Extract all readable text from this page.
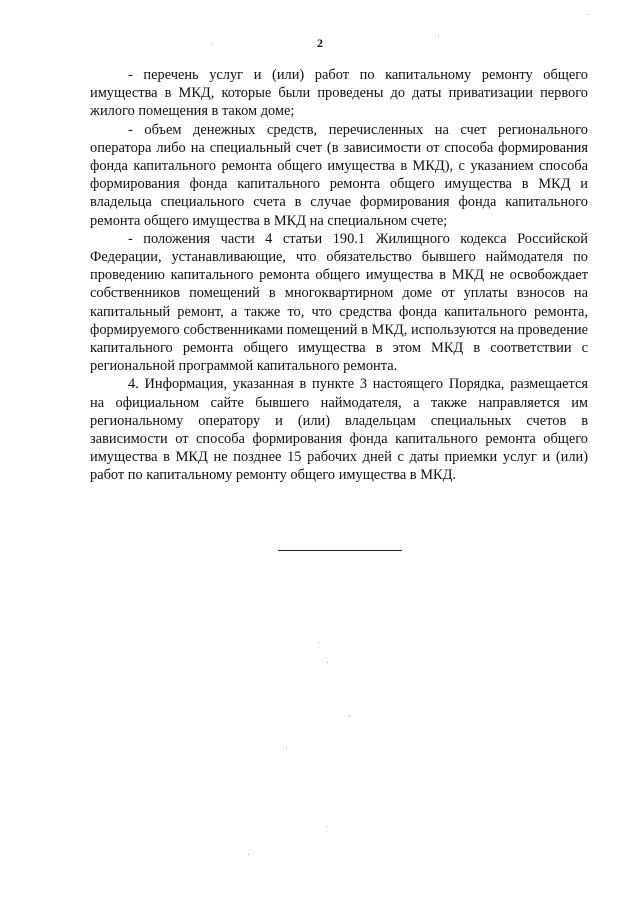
2

- перечень услуг и (или) работ по капитальному ремонту общего имущества в МКД, которые были проведены до даты приватизации первого жилого помещения в таком доме;

- объем денежных средств, перечисленных на счет регионального оператора либо на специальный счет (в зависимости от способа формирования фонда капитального ремонта общего имущества в МКД), с указанием способа формирования фонда капитального ремонта общего имущества в МКД и владельца специального счета в случае формирования фонда капитального ремонта общего имущества в МКД на специальном счете;

- положения части 4 статьи 190.1 Жилищного кодекса Российской Федерации, устанавливающие, что обязательство бывшего наймодателя по проведению капитального ремонта общего имущества в МКД не освобождает собственников помещений в многоквартирном доме от уплаты взносов на капитальный ремонт, а также то, что средства фонда капитального ремонта, формируемого собственниками помещений в МКД, используются на проведение капитального ремонта общего имущества в этом МКД в соответствии с региональной программой капитального ремонта.

4. Информация, указанная в пункте 3 настоящего Порядка, размещается на официальном сайте бывшего наймодателя, а также направляется им региональному оператору и (или) владельцам специальных счетов в зависимости от способа формирования фонда капитального ремонта общего имущества в МКД не позднее 15 рабочих дней с даты приемки услуг и (или) работ по капитальному ремонту общего имущества в МКД.
